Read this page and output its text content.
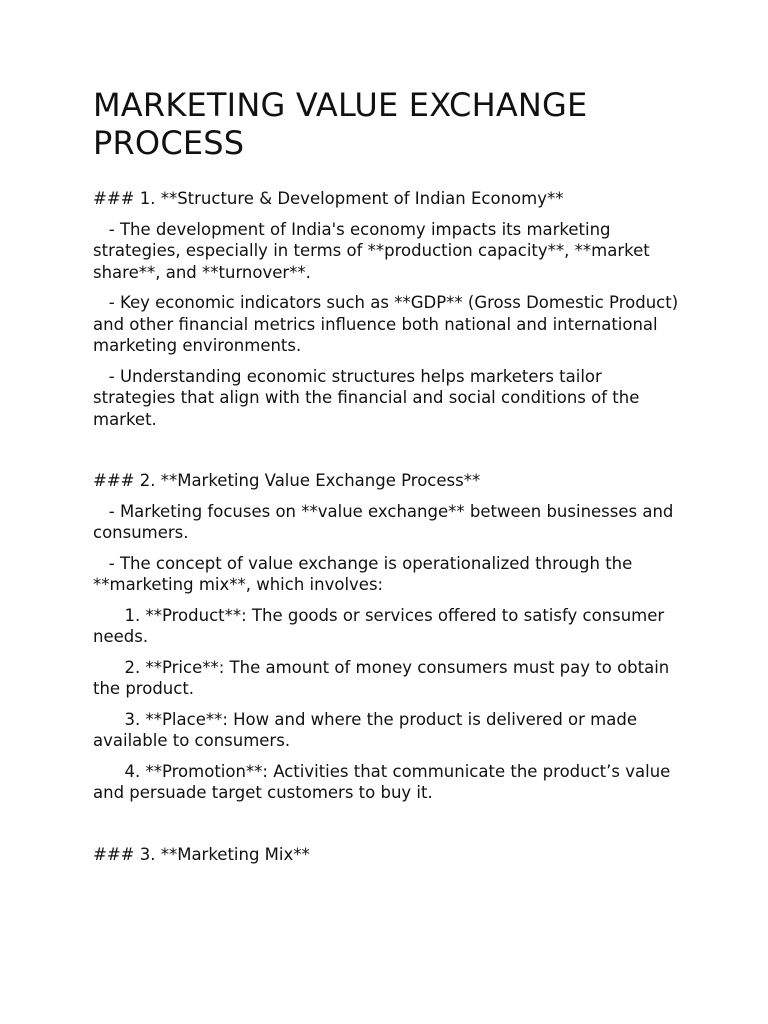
MARKETING VALUE EXCHANGE PROCESS
### 1. **Structure & Development of Indian Economy**
- The development of India's economy impacts its marketing strategies, especially in terms of **production capacity**, **market share**, and **turnover**.
- Key economic indicators such as **GDP** (Gross Domestic Product) and other financial metrics influence both national and international marketing environments.
- Understanding economic structures helps marketers tailor strategies that align with the financial and social conditions of the market.
### 2. **Marketing Value Exchange Process**
- Marketing focuses on **value exchange** between businesses and consumers.
- The concept of value exchange is operationalized through the **marketing mix**, which involves:
1. **Product**: The goods or services offered to satisfy consumer needs.
2. **Price**: The amount of money consumers must pay to obtain the product.
3. **Place**: How and where the product is delivered or made available to consumers.
4. **Promotion**: Activities that communicate the product’s value and persuade target customers to buy it.
### 3. **Marketing Mix**
